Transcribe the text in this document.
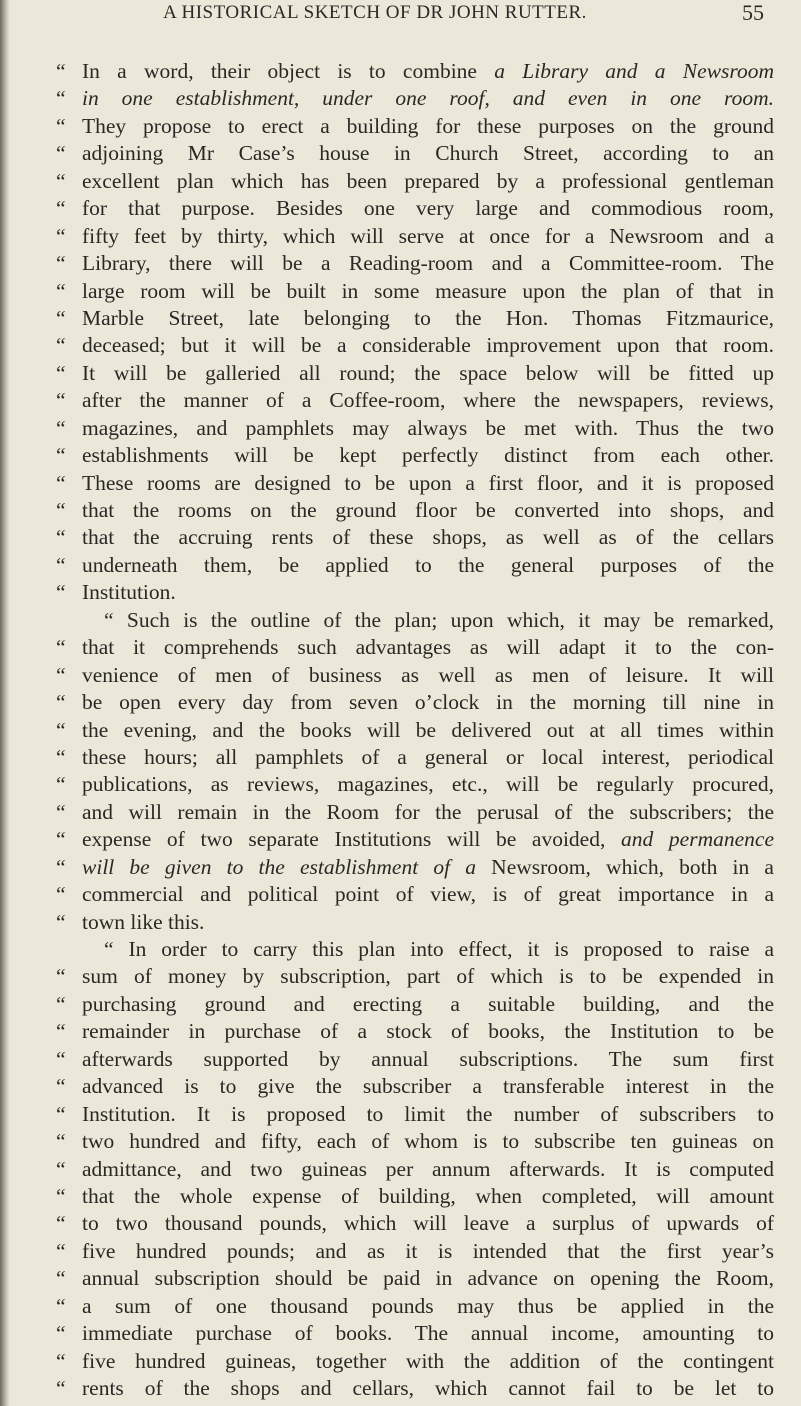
A HISTORICAL SKETCH OF DR JOHN RUTTER.	55
“ In a word, their object is to combine a Library and a Newsroom
“ in one establishment, under one roof, and even in one room.
“ They propose to erect a building for these purposes on the ground
“ adjoining Mr Case’s house in Church Street, according to an
“ excellent plan which has been prepared by a professional gentleman
“ for that purpose. Besides one very large and commodious room,
“ fifty feet by thirty, which will serve at once for a Newsroom and a
“ Library, there will be a Reading-room and a Committee-room. The
“ large room will be built in some measure upon the plan of that in
“ Marble Street, late belonging to the Hon. Thomas Fitzmaurice,
“ deceased; but it will be a considerable improvement upon that room.
“ It will be galleried all round; the space below will be fitted up
“ after the manner of a Coffee-room, where the newspapers, reviews,
“ magazines, and pamphlets may always be met with. Thus the two
“ establishments will be kept perfectly distinct from each other.
“ These rooms are designed to be upon a first floor, and it is proposed
“ that the rooms on the ground floor be converted into shops, and
“ that the accruing rents of these shops, as well as of the cellars
“ underneath them, be applied to the general purposes of the
“ Institution.
“ Such is the outline of the plan; upon which, it may be remarked,
“ that it comprehends such advantages as will adapt it to the con-
“ venience of men of business as well as men of leisure. It will
“ be open every day from seven o’clock in the morning till nine in
“ the evening, and the books will be delivered out at all times within
“ these hours; all pamphlets of a general or local interest, periodical
“ publications, as reviews, magazines, etc., will be regularly procured,
“ and will remain in the Room for the perusal of the subscribers; the
“ expense of two separate Institutions will be avoided, and permanence
“ will be given to the establishment of a Newsroom, which, both in a
“ commercial and political point of view, is of great importance in a
“ town like this.
“ In order to carry this plan into effect, it is proposed to raise a
“ sum of money by subscription, part of which is to be expended in
“ purchasing ground and erecting a suitable building, and the
“ remainder in purchase of a stock of books, the Institution to be
“ afterwards supported by annual subscriptions. The sum first
“ advanced is to give the subscriber a transferable interest in the
“ Institution. It is proposed to limit the number of subscribers to
“ two hundred and fifty, each of whom is to subscribe ten guineas on
“ admittance, and two guineas per annum afterwards. It is computed
“ that the whole expense of building, when completed, will amount
“ to two thousand pounds, which will leave a surplus of upwards of
“ five hundred pounds; and as it is intended that the first year’s
“ annual subscription should be paid in advance on opening the Room,
“ a sum of one thousand pounds may thus be applied in the
“ immediate purchase of books. The annual income, amounting to
“ five hundred guineas, together with the addition of the contingent
“ rents of the shops and cellars, which cannot fail to be let to
